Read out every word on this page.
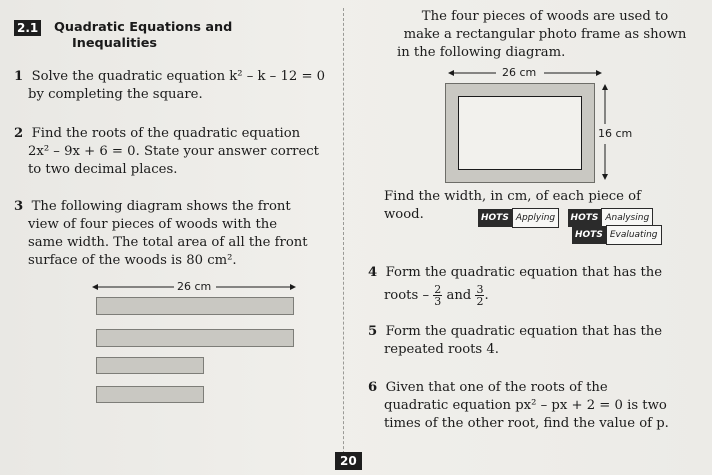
2.1 Quadratic Equations and
Inequalities
1 Solve the quadratic equation k² – k – 12 = 0
by completing the square.
2 Find the roots of the quadratic equation
2x² – 9x + 6 = 0. State your answer correct
to two decimal places.
3 The following diagram shows the front
view of four pieces of woods with the
same width. The total area of all the front
surface of the woods is 80 cm².
26 cm
The four pieces of woods are used to
make a rectangular photo frame as shown
in the following diagram.
26 cm
16 cm
Find the width, in cm, of each piece of
wood.	HOTS Applying HOTS Analysing
HOTS Evaluating
4 Form the quadratic equation that has the
roots – $\frac{2}{3}$ and $\frac{3}{2}$ .
5 Form the quadratic equation that has the
repeated roots 4.
6 Given that one of the roots of the
quadratic equation px² – px + 2 = 0 is two
times of the other root, find the value of p.
20
